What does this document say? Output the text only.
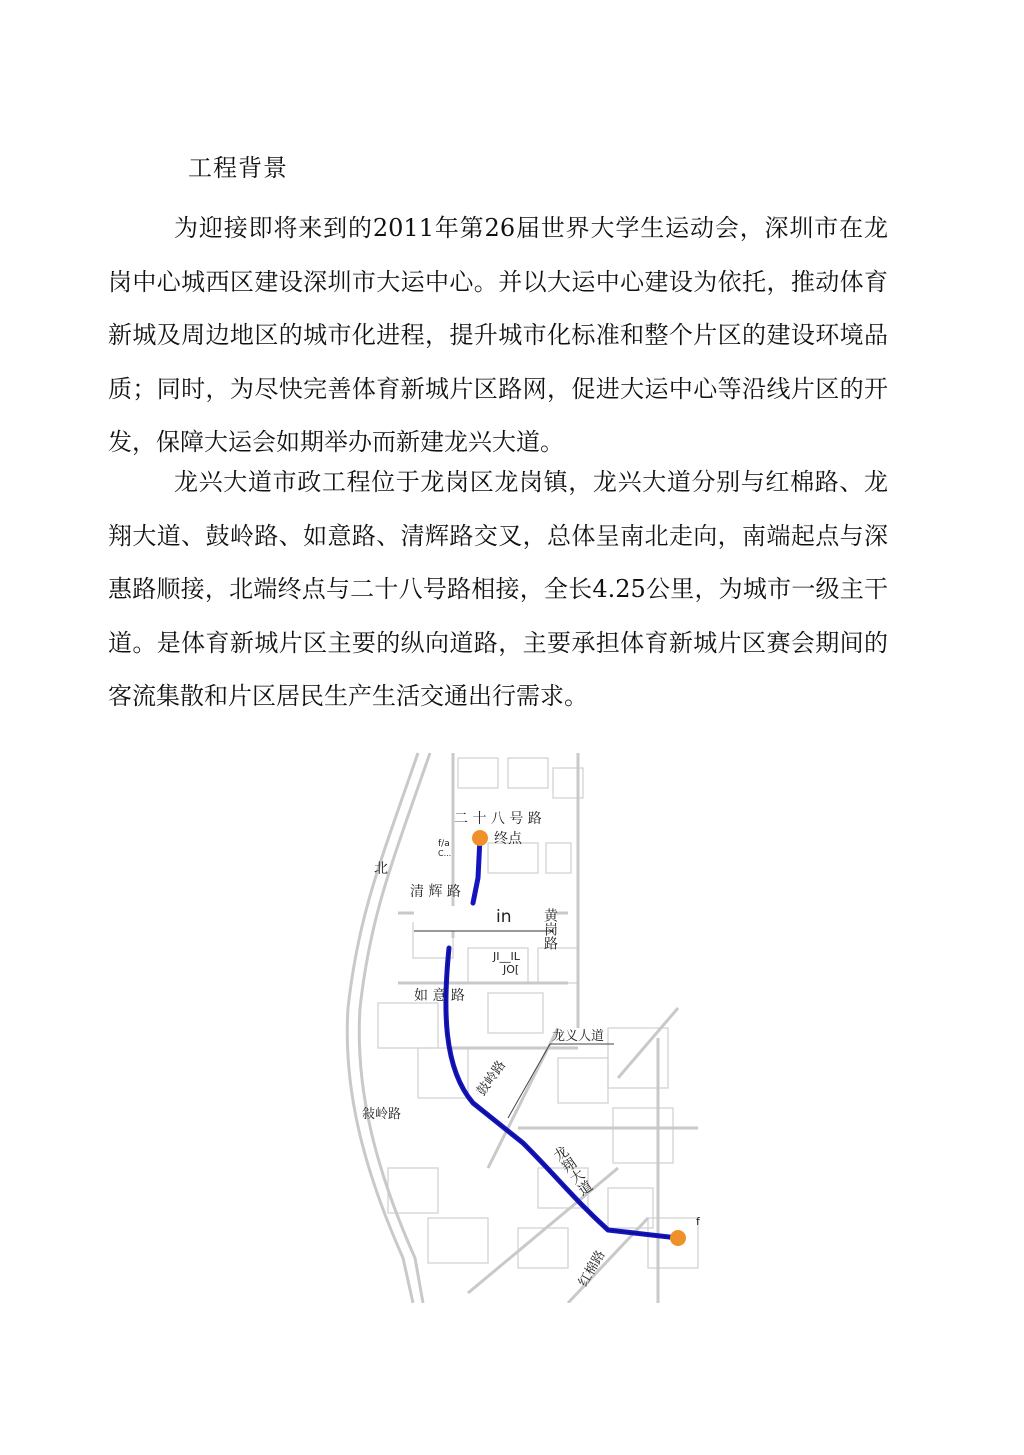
工程背景
为迎接即将来到的2011年第26届世界大学生运动会，深圳市在龙岗中心城西区建设深圳市大运中心。并以大运中心建设为依托，推动体育新城及周边地区的城市化进程，提升城市化标准和整个片区的建设环境品质；同时，为尽快完善体育新城片区路网，促进大运中心等沿线片区的开发，保障大运会如期举办而新建龙兴大道。
龙兴大道市政工程位于龙岗区龙岗镇，龙兴大道分别与红棉路、龙翔大道、鼓岭路、如意路、清辉路交叉，总体呈南北走向，南端起点与深惠路顺接，北端终点与二十八号路相接，全长4.25公里，为城市一级主干道。是体育新城片区主要的纵向道路，主要承担体育新城片区赛会期间的客流集散和片区居民生产生活交通出行需求。
二 十 八 号 路
终点
北
f/a
C...
清 辉 路
in 黄岗路
JI__IL
JO[
如 意 路
龙义人道
鼓岭路
敍岭路
龙翔大道
红棉路
f
